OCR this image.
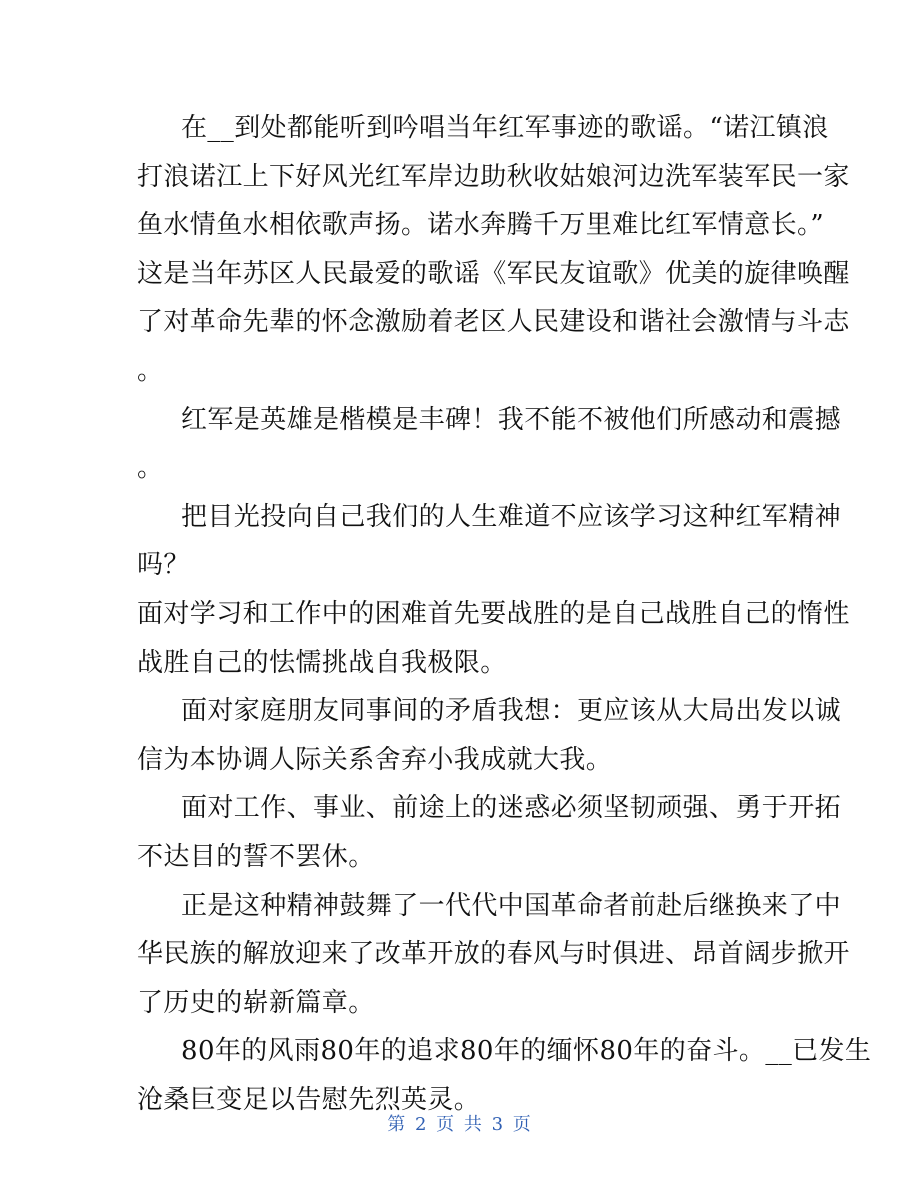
在__到处都能听到吟唱当年红军事迹的歌谣。“诺江镇浪
打浪诺江上下好风光红军岸边助秋收姑娘河边洗军装军民一家
鱼水情鱼水相依歌声扬。诺水奔腾千万里难比红军情意长。”
这是当年苏区人民最爱的歌谣《军民友谊歌》优美的旋律唤醒
了对革命先辈的怀念激励着老区人民建设和谐社会激情与斗志
。
红军是英雄是楷模是丰碑！我不能不被他们所感动和震撼
。
把目光投向自己我们的人生难道不应该学习这种红军精神
吗？
面对学习和工作中的困难首先要战胜的是自己战胜自己的惰性
战胜自己的怯懦挑战自我极限。
面对家庭朋友同事间的矛盾我想：更应该从大局出发以诚
信为本协调人际关系舍弃小我成就大我。
面对工作、事业、前途上的迷惑必须坚韧顽强、勇于开拓
不达目的誓不罢休。
正是这种精神鼓舞了一代代中国革命者前赴后继换来了中
华民族的解放迎来了改革开放的春风与时俱进、昂首阔步掀开
了历史的崭新篇章。
80年的风雨80年的追求80年的缅怀80年的奋斗。__已发生
沧桑巨变足以告慰先烈英灵。
第 2 页 共 3 页
